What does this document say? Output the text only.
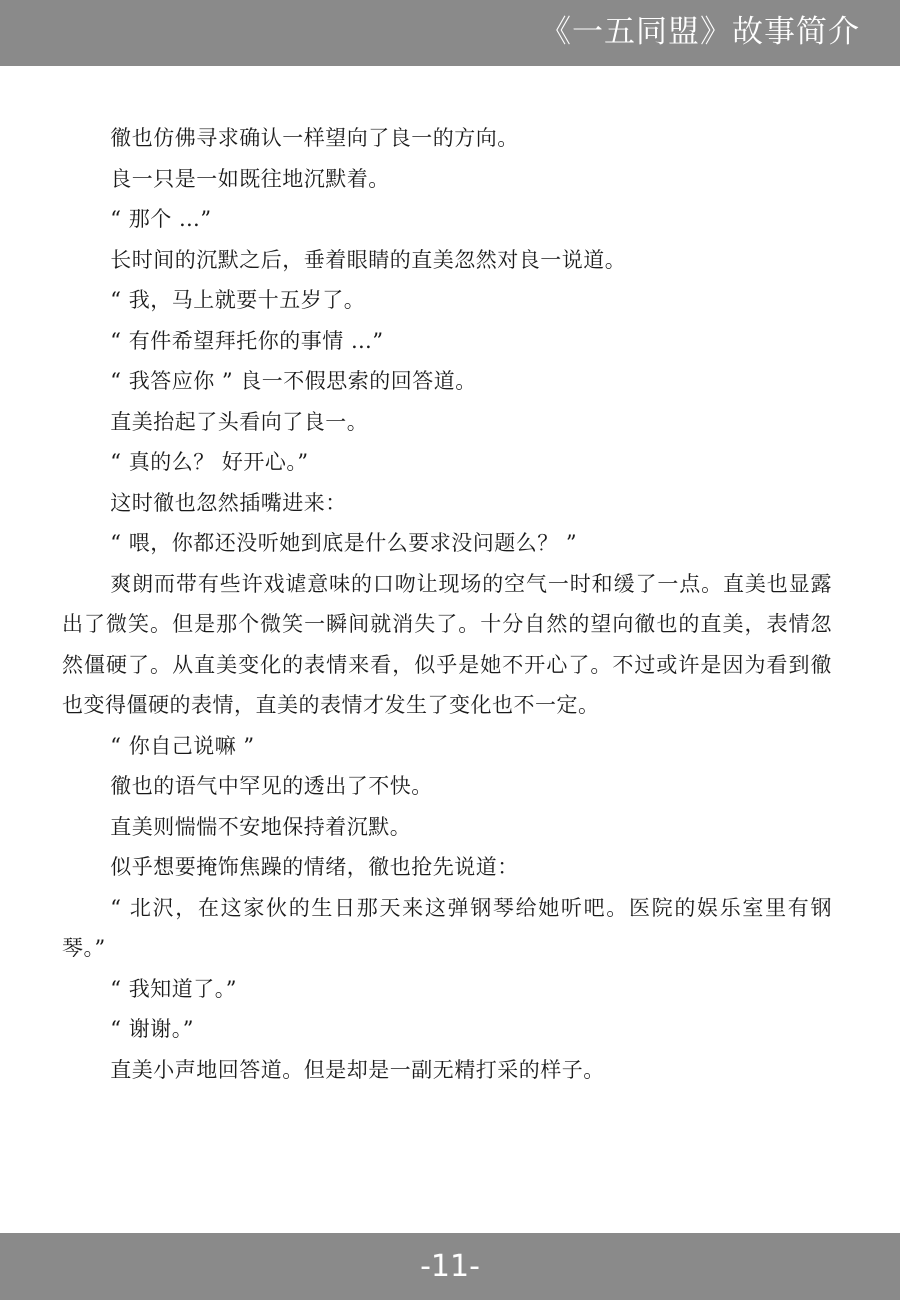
《一五同盟》故事简介

徹也仿佛寻求确认一样望向了良一的方向。

良一只是一如既往地沉默着。

“ 那个 …”

长时间的沉默之后，垂着眼睛的直美忽然对良一说道。

“ 我，马上就要十五岁了。

“ 有件希望拜托你的事情 …”

“ 我答应你 ” 良一不假思索的回答道。

直美抬起了头看向了良一。

“ 真的么？ 好开心。”

这时徹也忽然插嘴进来：

“ 喂，你都还没听她到底是什么要求没问题么？ ”

爽朗而带有些许戏谑意味的口吻让现场的空气一时和缓了一点。直美也显露出了微笑。但是那个微笑一瞬间就消失了。十分自然的望向徹也的直美，表情忽然僵硬了。从直美变化的表情来看，似乎是她不开心了。不过或许是因为看到徹也变得僵硬的表情，直美的表情才发生了变化也不一定。

“ 你自己说嘛 ”

徹也的语气中罕见的透出了不快。

直美则惴惴不安地保持着沉默。

似乎想要掩饰焦躁的情绪，徹也抢先说道：

“ 北沢，在这家伙的生日那天来这弹钢琴给她听吧。医院的娱乐室里有钢琴。”

“ 我知道了。”

“ 谢谢。”

直美小声地回答道。但是却是一副无精打采的样子。

-11-
